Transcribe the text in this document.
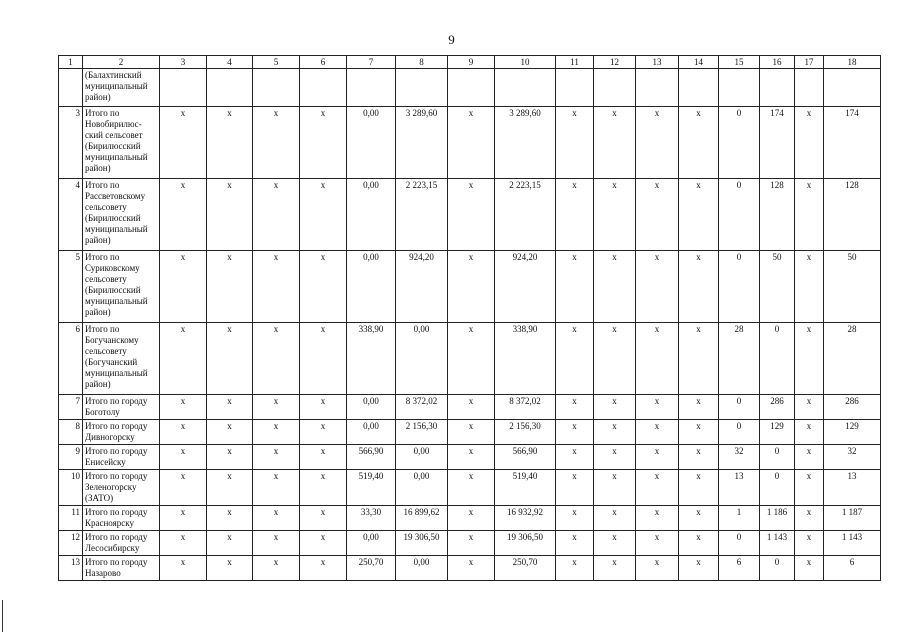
9
1	2	3	4	5	6	7	8	9	10	11	12	13	14	15	16	17	18
	(Балахтинский муниципальный район)																
3	Итого по Новобирилюс-ский сельсовет (Бирилюсский муниципальный район)	x	x	x	x	0,00	3 289,60	x	3 289,60	x	x	x	x	0	174	x	174
4	Итого по Рассветовскому сельсовету (Бирилюсский муниципальный район)	x	x	x	x	0,00	2 223,15	x	2 223,15	x	x	x	x	0	128	x	128
5	Итого по Суриковскому сельсовету (Бирилюсский муниципальный район)	x	x	x	x	0,00	924,20	x	924,20	x	x	x	x	0	50	x	50
6	Итого по Богучанскому сельсовету (Богучанский муниципальный район)	x	x	x	x	338,90	0,00	x	338,90	x	x	x	x	28	0	x	28
7	Итого по городу Боготолу	x	x	x	x	0,00	8 372,02	x	8 372,02	x	x	x	x	0	286	x	286
8	Итого по городу Дивногорску	x	x	x	x	0,00	2 156,30	x	2 156,30	x	x	x	x	0	129	x	129
9	Итого по городу Енисейску	x	x	x	x	566,90	0,00	x	566,90	x	x	x	x	32	0	x	32
10	Итого по городу Зеленогорску (ЗАТО)	x	x	x	x	519,40	0,00	x	519,40	x	x	x	x	13	0	x	13
11	Итого по городу Красноярску	x	x	x	x	33,30	16 899,62	x	16 932,92	x	x	x	x	1	1 186	x	1 187
12	Итого по городу Лесосибирску	x	x	x	x	0,00	19 306,50	x	19 306,50	x	x	x	x	0	1 143	x	1 143
13	Итого по городу Назарово	x	x	x	x	250,70	0,00	x	250,70	x	x	x	x	6	0	x	6
